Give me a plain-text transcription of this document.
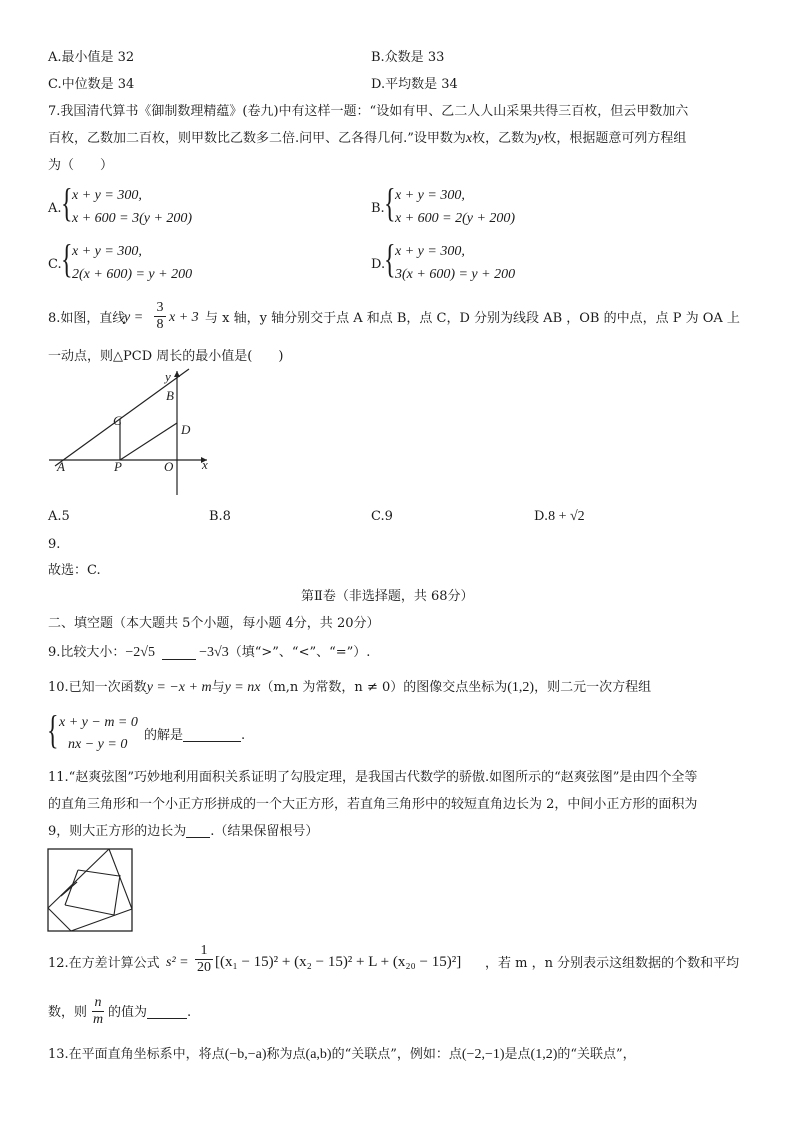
A.最小值是 32	B.众数是 33
C.中位数是 34	D.平均数是 34
7.我国清代算书《御制数理精蕴》(卷九)中有这样一题：“设如有甲、乙二人人山采果共得三百枚，但云甲数加六
百枚，乙数加二百枚，则甲数比乙数多二倍.问甲、乙各得几何.”设甲数为x枚，乙数为y枚，根据题意可列方程组
为（　　）
A. { x + y = 300,
x + 600 = 3(y + 200)
B. { x + y = 300,
x + 600 = 2(y + 200)
C. { x + y = 300,
2(x + 600) = y + 200
D.
{ x + y = 300,
3(x + 600) = y + 200
8.如图，直线
y =
3
8 x + 3 与 x 轴，y 轴分别交于点 A 和点 B，点 C，D 分别为线段 AB ，OB 的中点，点 P 为 OA 上
一动点，则△PCD 周长的最小值是(　　)
y
B
C
D
A	P	O x
A.5	B.8	C.9	D.8 + √2
9.
故选：C.
第Ⅱ卷（非选择题，共 68分）
二、填空题（本大题共 5个小题，每小题 4分，共 20分）
9.比较大小：−2√5	−3√3（填“>”、“<”、“=”）.
10.已知一次函数y = −x + m与y = nx（m,n 为常数，n ≠ 0）的图像交点坐标为(1,2)，则二元一次方程组
{ x + y − m = 0
nx − y = 0
的解是	.
11.“赵爽弦图”巧妙地利用面积关系证明了勾股定理，是我国古代数学的骄傲.如图所示的“赵爽弦图”是由四个全等
的直角三角形和一个小正方形拼成的一个大正方形，若直角三角形中的较短直角边长为 2，中间小正方形的面积为
9，则大正方形的边长为 .（结果保留根号）
12.在方差计算公式 s² =
1
20 [(x₁ − 15)² + (x₂ − 15)² + L + (x₂₀ − 15)²] ，若 m ，n 分别表示这组数据的个数和平均
数，则
n
m 的值为	.
13.在平面直角坐标系中，将点(−b,−a)称为点(a,b)的“关联点”，例如：点(−2,−1)是点(1,2)的“关联点”，
